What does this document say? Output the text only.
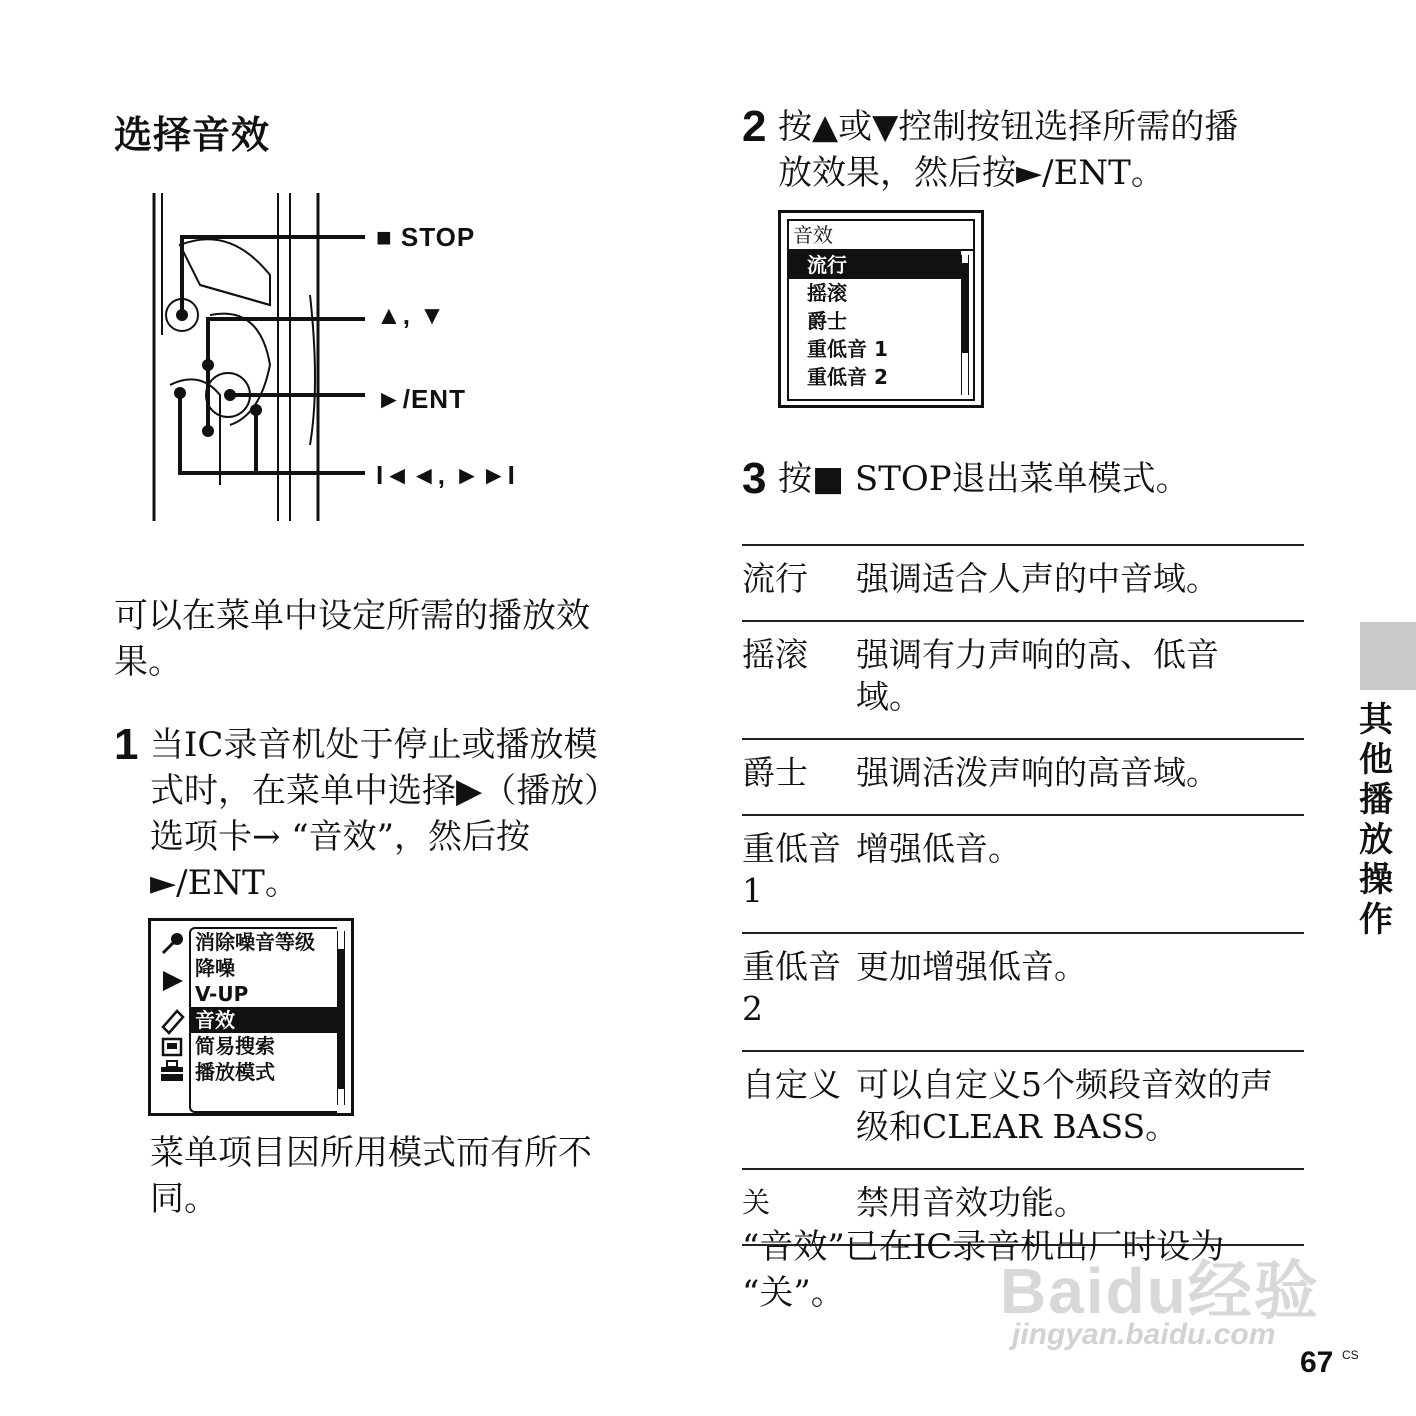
选择音效
■ STOP
▲, ▼
►/ENT
I◄◄, ►►I
可以在菜单中设定所需的播放效
果。
1 当IC录音机处于停止或播放模
式时，在菜单中选择▶（播放）
选项卡→ “音效”，然后按
►/ENT。
消除噪音等级
降噪
V-UP
音效
简易搜索
播放模式
菜单项目因所用模式而有所不
同。
2 按▲或▼控制按钮选择所需的播
放效果，然后按►/ENT。
音效
流行
摇滚
爵士
重低音 1
重低音 2
3 按■ STOP退出菜单模式。
流行	强调适合人声的中音域。
摇滚	强调有力声响的高、低音域。
爵士	强调活泼声响的高音域。
重低音1	增强低音。
重低音2	更加增强低音。
自定义	可以自定义5个频段音效的声级和CLEAR BASS。
关	禁用音效功能。
“音效”已在IC录音机出厂时设为
“关”。
其他播放操作
Baidu经验
jingyan.baidu.com
67 CS
